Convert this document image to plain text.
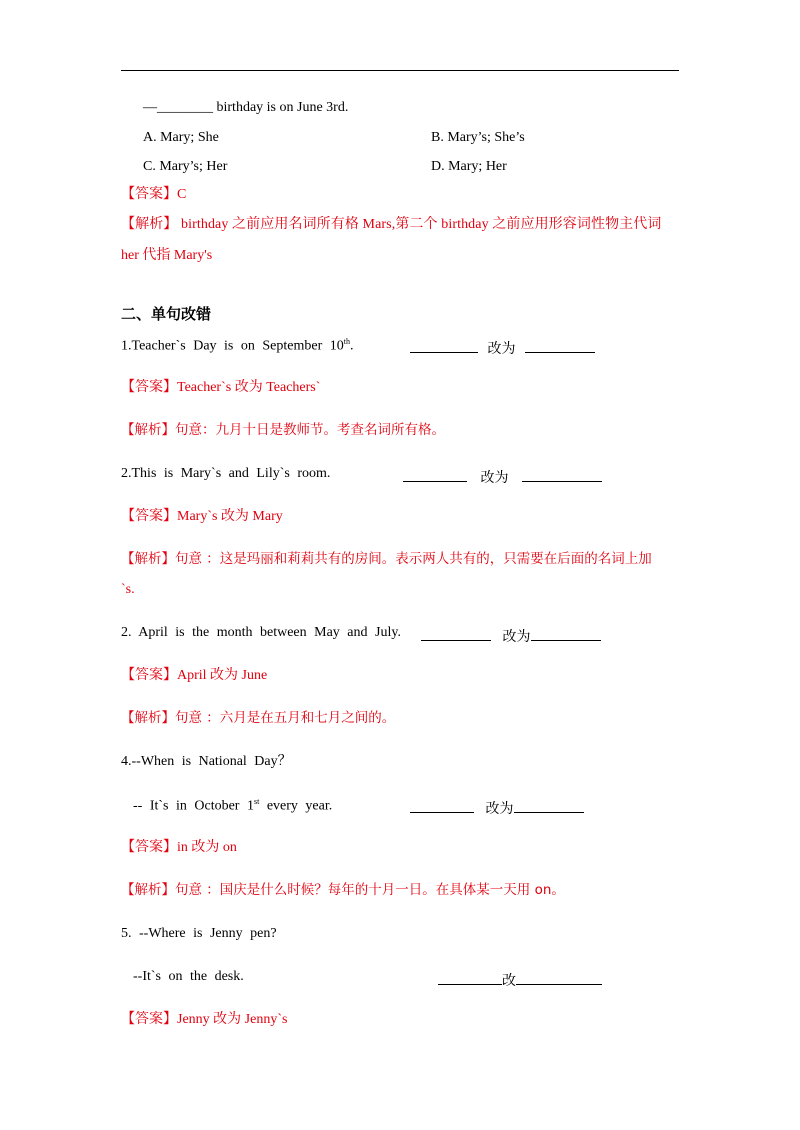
—________ birthday is on June 3rd.
A. Mary; She	B. Mary’s; She’s
C. Mary’s; Her	D. Mary; Her
【答案】C
【解析】 birthday 之前应用名词所有格 Mars,第二个 birthday 之前应用形容词性物主代词
her 代指 Mary's
二、单句改错
1.Teacher`s Day is on September 10th.	改为
【答案】Teacher`s 改为 Teachers`
【解析】句意：九月十日是教师节。考查名词所有格。
2.This is Mary`s and Lily`s room.	改为
【答案】Mary`s 改为 Mary
【解析】句意 ：这是玛丽和莉莉共有的房间。表示两人共有的，只需要在后面的名词上加
`s.
2. April is the month between May and July.	改为
【答案】April 改为 June
【解析】句意 ：六月是在五月和七月之间的。
4.--When is National Day？
-- It`s in October 1st every year.	改为
【答案】in 改为 on
【解析】句意 ：国庆是什么时候？每年的十月一日。在具体某一天用 on。
5. --Where is Jenny pen?
--It`s on the desk.	改
【答案】Jenny 改为 Jenny`s
